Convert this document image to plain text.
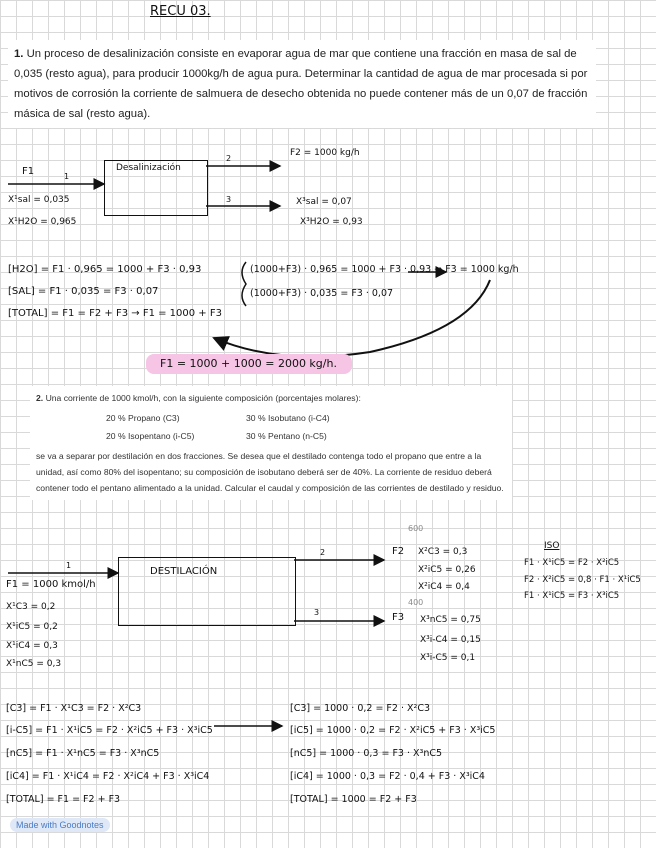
RECU 03.
1. Un proceso de desalinización consiste en evaporar agua de mar que contiene una fracción en masa de sal de 0,035 (resto agua), para producir 1000kg/h de agua pura. Determinar la cantidad de agua de mar procesada si por motivos de corrosión la corriente de salmuera de desecho obtenida no puede contener más de un 0,07 de fracción másica de sal (resto agua).
Desalinización
F1	1
2
3
X¹sal = 0,035
X¹H2O = 0,965
F2 = 1000 kg/h
X³sal = 0,07
X³H2O = 0,93
[H2O] = F1 · 0,965 = 1000 + F3 · 0,93
[SAL] = F1 · 0,035 = F3 · 0,07
[TOTAL] = F1 = F2 + F3 → F1 = 1000 + F3
(1000+F3) · 0,965 = 1000 + F3 · 0,93 → F3 = 1000 kg/h
(1000+F3) · 0,035 = F3 · 0,07
F1 = 1000 + 1000 = 2000 kg/h.
2. Una corriente de 1000 kmol/h, con la siguiente composición (porcentajes molares):
20 % Propano (C3)	30 % Isobutano (i-C4)
20 % Isopentano (i-C5)	30 % Pentano (n-C5)
se va a separar por destilación en dos fracciones. Se desea que el destilado contenga todo el propano que entre a la unidad, así como 80% del isopentano; su composición de isobutano deberá ser de 40%. La corriente de residuo deberá contener todo el pentano alimentado a la unidad. Calcular el caudal y composición de las corrientes de destilado y residuo.
DESTILACIÓN
1
2
3
F1 = 1000 kmol/h
X¹C3 = 0,2
X¹iC5 = 0,2
X¹iC4 = 0,3
X¹nC5 = 0,3
F2
600
X²C3 = 0,3
X²iC5 = 0,26
X²iC4 = 0,4
F3
400
X³nC5 = 0,75
X³i-C4 = 0,15
X³i-C5 = 0,1
ISO
F1 · X¹iC5 = F2 · X²iC5
F2 · X²iC5 = 0,8 · F1 · X¹iC5
F1 · X¹iC5 = F3 · X³iC5
[C3] = F1 · X¹C3 = F2 · X²C3
[i-C5] = F1 · X¹iC5 = F2 · X²iC5 + F3 · X³iC5
[nC5] = F1 · X¹nC5 = F3 · X³nC5
[iC4] = F1 · X¹iC4 = F2 · X²iC4 + F3 · X³iC4
[TOTAL] = F1 = F2 + F3
[C3] = 1000 · 0,2 = F2 · X²C3
[iC5] = 1000 · 0,2 = F2 · X²iC5 + F3 · X³iC5
[nC5] = 1000 · 0,3 = F3 · X³nC5
[iC4] = 1000 · 0,3 = F2 · 0,4 + F3 · X³iC4
[TOTAL] = 1000 = F2 + F3
Made with Goodnotes
